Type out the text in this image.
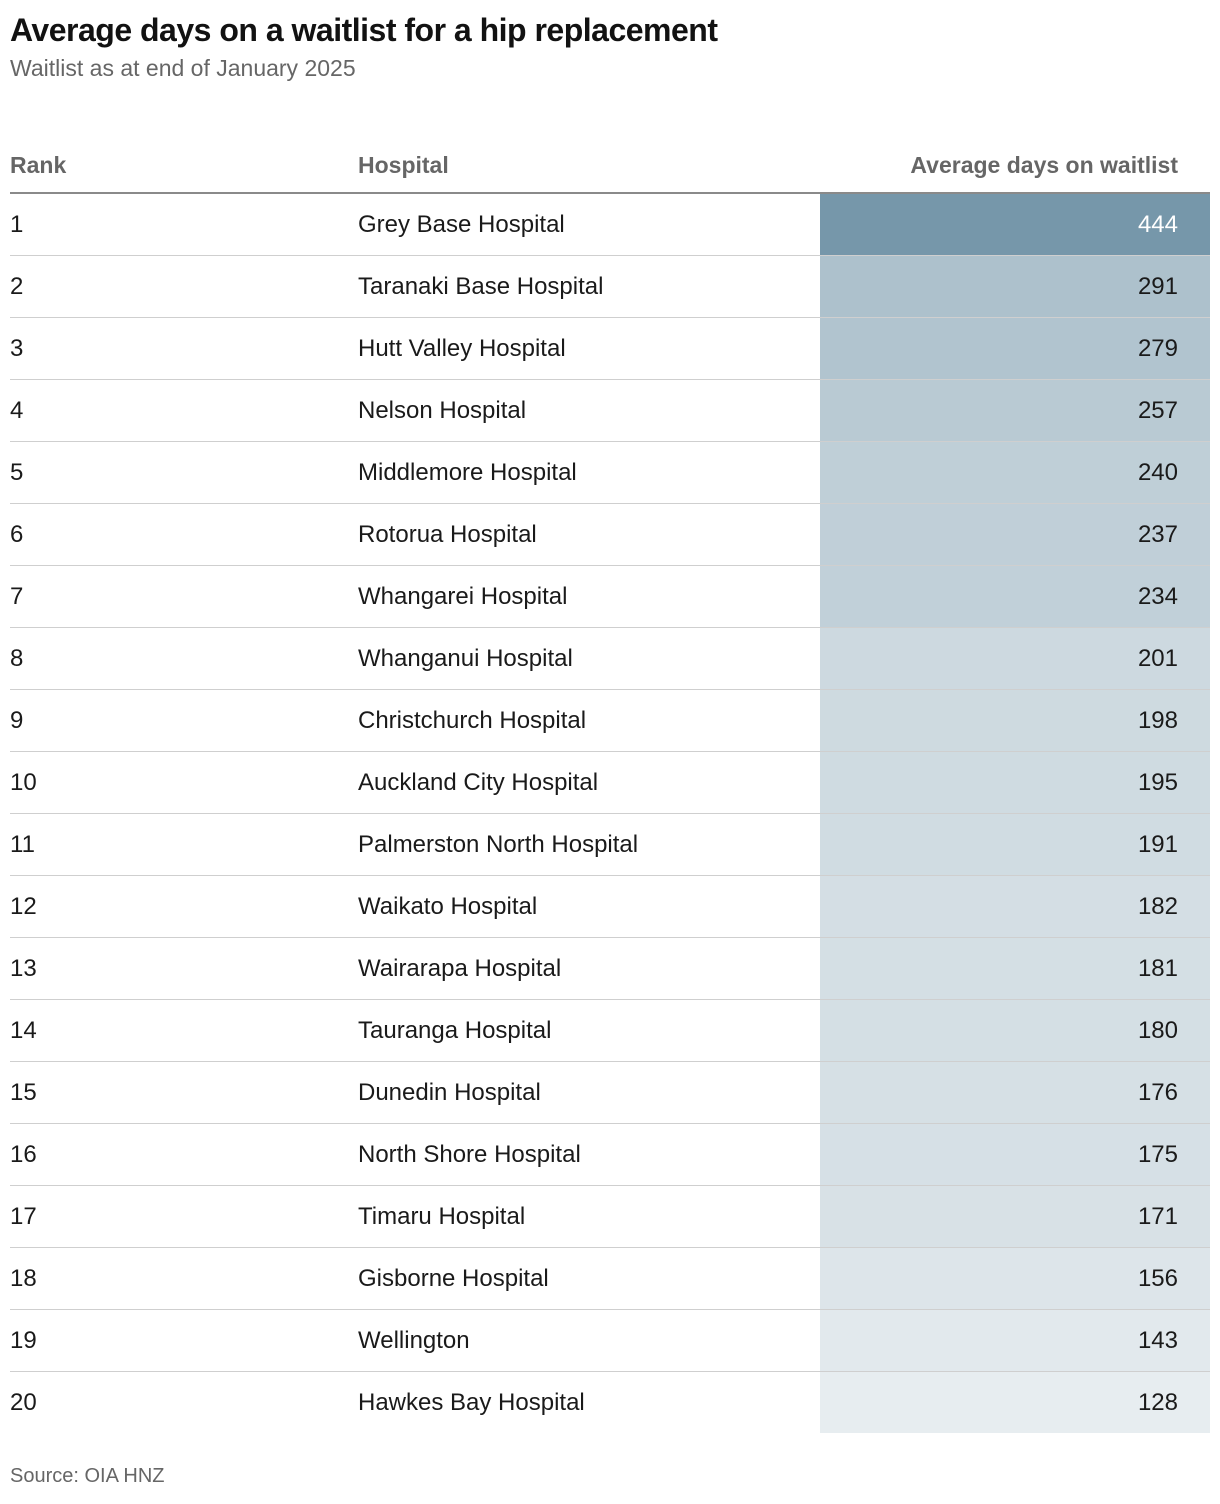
Average days on a waitlist for a hip replacement
Waitlist as at end of January 2025
Rank	Hospital	Average days on waitlist
1	Grey Base Hospital	444
2	Taranaki Base Hospital	291
3	Hutt Valley Hospital	279
4	Nelson Hospital	257
5	Middlemore Hospital	240
6	Rotorua Hospital	237
7	Whangarei Hospital	234
8	Whanganui Hospital	201
9	Christchurch Hospital	198
10	Auckland City Hospital	195
11	Palmerston North Hospital	191
12	Waikato Hospital	182
13	Wairarapa Hospital	181
14	Tauranga Hospital	180
15	Dunedin Hospital	176
16	North Shore Hospital	175
17	Timaru Hospital	171
18	Gisborne Hospital	156
19	Wellington	143
20	Hawkes Bay Hospital	128
Source: OIA HNZ
